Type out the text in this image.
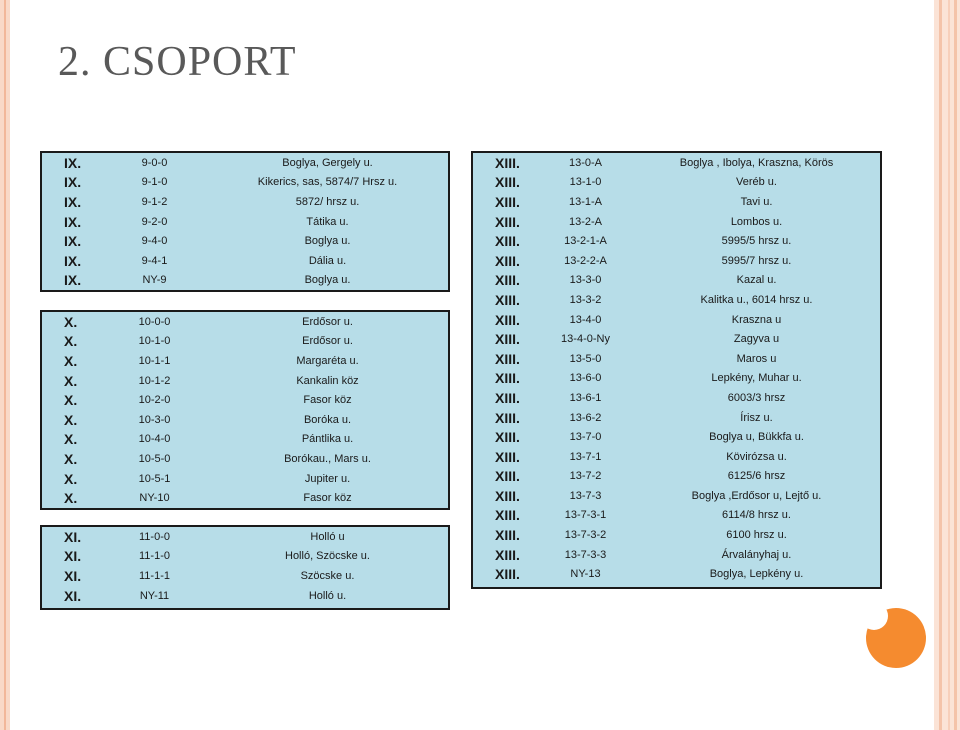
2. CSOPORT
IX.	9-0-0	Boglya, Gergely u.
IX.	9-1-0	Kikerics, sas, 5874/7 Hrsz u.
IX.	9-1-2	5872/ hrsz u.
IX.	9-2-0	Tátika u.
IX.	9-4-0	Boglya u.
IX.	9-4-1	Dália u.
IX.	NY-9	Boglya u.
X.	10-0-0	Erdősor u.
X.	10-1-0	Erdősor u.
X.	10-1-1	Margaréta u.
X.	10-1-2	Kankalin köz
X.	10-2-0	Fasor köz
X.	10-3-0	Boróka u.
X.	10-4-0	Pántlika u.
X.	10-5-0	Borókau., Mars u.
X.	10-5-1	Jupiter u.
X.	NY-10	Fasor köz
XI.	11-0-0	Holló u
XI.	11-1-0	Holló, Szöcske u.
XI.	11-1-1	Szöcske u.
XI.	NY-11	Holló u.
XIII.	13-0-A	Boglya , Ibolya, Kraszna, Körös
XIII.	13-1-0	Veréb u.
XIII.	13-1-A	Tavi u.
XIII.	13-2-A	Lombos u.
XIII.	13-2-1-A	5995/5 hrsz u.
XIII.	13-2-2-A	5995/7 hrsz u.
XIII.	13-3-0	Kazal u.
XIII.	13-3-2	Kalitka u., 6014 hrsz u.
XIII.	13-4-0	Kraszna u
XIII.	13-4-0-Ny	Zagyva u
XIII.	13-5-0	Maros u
XIII.	13-6-0	Lepkény, Muhar u.
XIII.	13-6-1	6003/3 hrsz
XIII.	13-6-2	Írisz u.
XIII.	13-7-0	Boglya u, Bükkfa u.
XIII.	13-7-1	Kövirózsa u.
XIII.	13-7-2	6125/6 hrsz
XIII.	13-7-3	Boglya ,Erdősor u, Lejtő u.
XIII.	13-7-3-1	6114/8 hrsz u.
XIII.	13-7-3-2	6100 hrsz u.
XIII.	13-7-3-3	Árvalányhaj u.
XIII.	NY-13	Boglya, Lepkény u.
